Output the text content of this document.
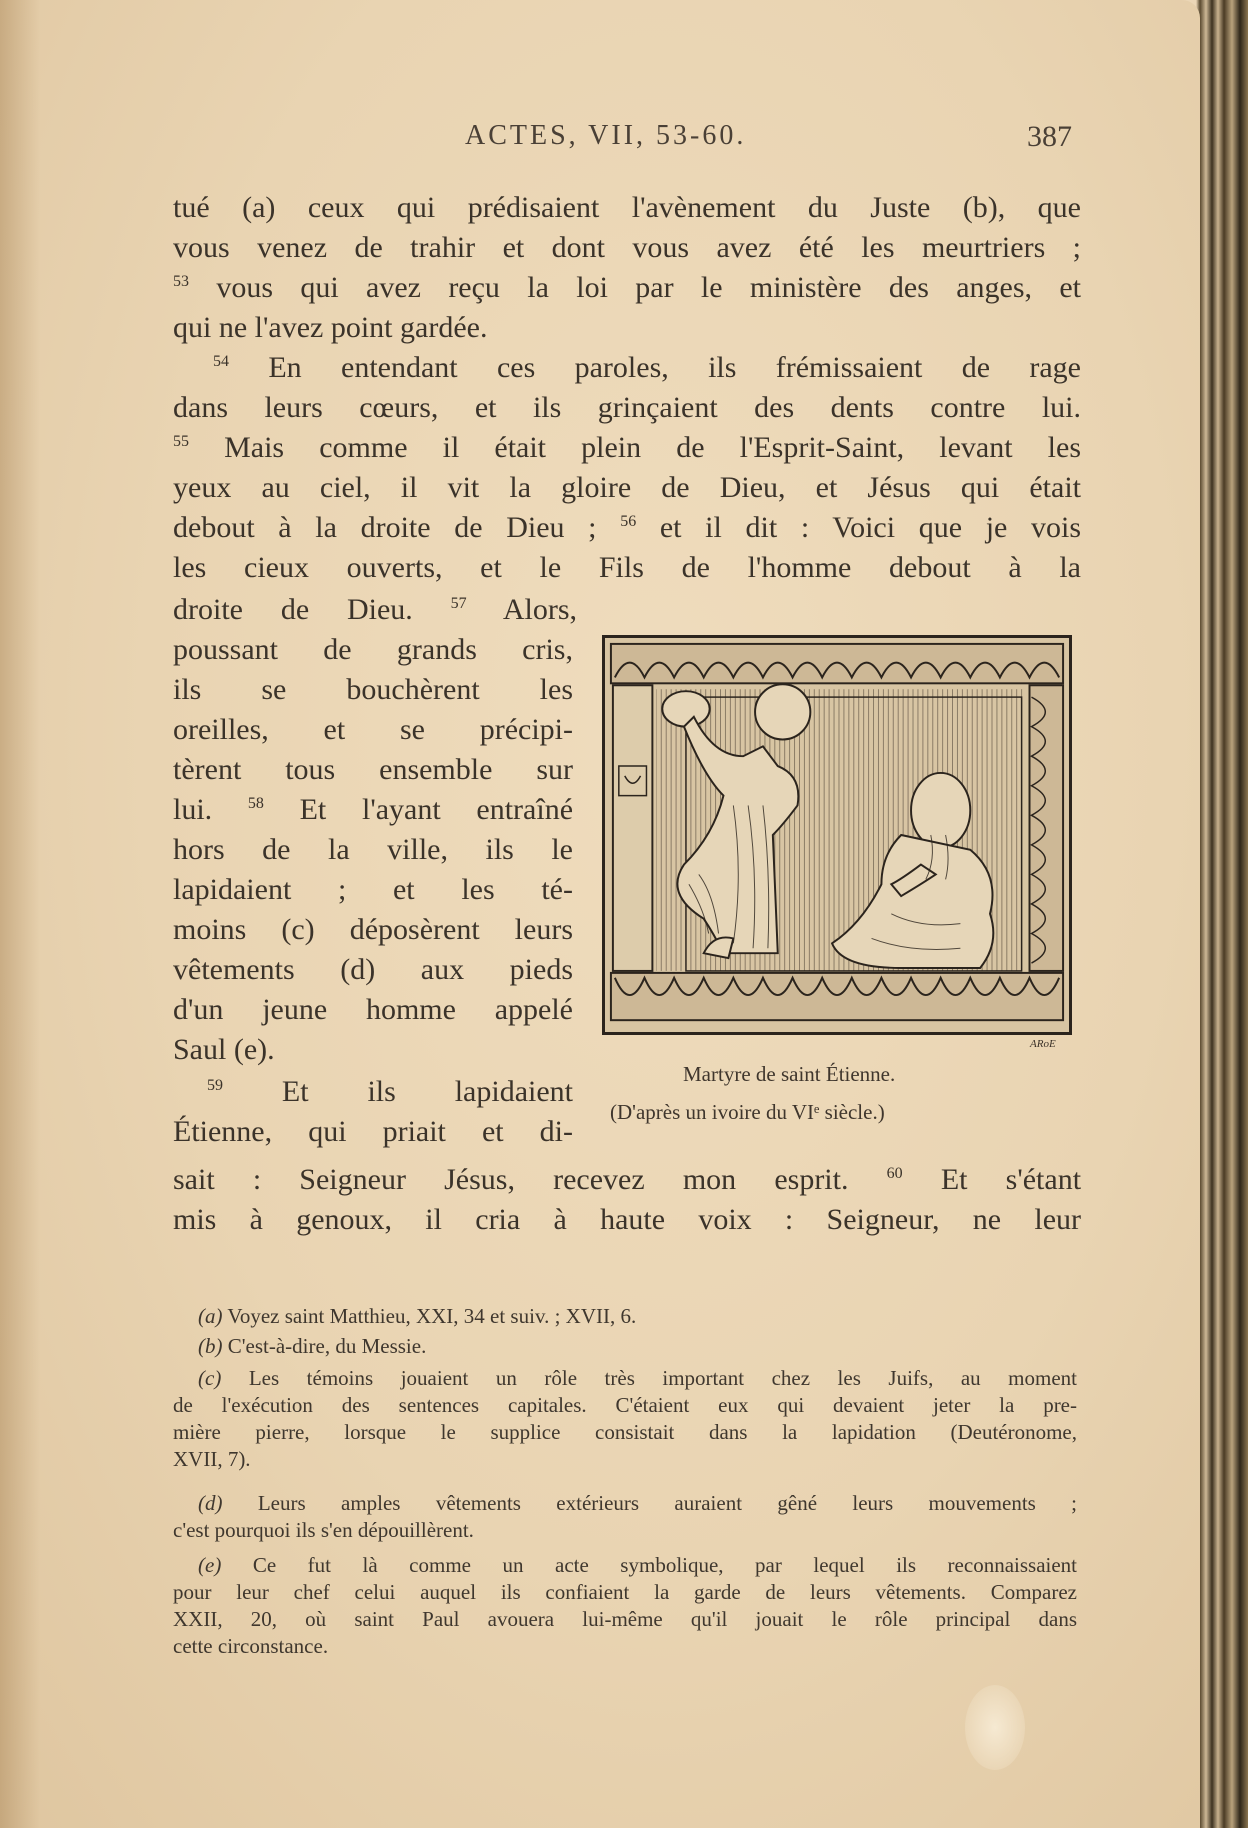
ACTES, VII, 53-60.	387
tué (a) ceux qui prédisaient l'avènement du Juste (b), que
vous venez de trahir et dont vous avez été les meurtriers ;
$^{53}$ vous qui avez reçu la loi par le ministère des anges, et
qui ne l'avez point gardée.
$^{54}$ En entendant ces paroles, ils frémissaient de rage
dans leurs cœurs, et ils grinçaient des dents contre lui.
$^{55}$ Mais comme il était plein de l'Esprit-Saint, levant les
yeux au ciel, il vit la gloire de Dieu, et Jésus qui était
debout à la droite de Dieu ; $^{56}$ et il dit : Voici que je vois
les cieux ouverts, et le Fils de l'homme debout à la
droite de Dieu. $^{57}$ Alors,
poussant de grands cris,
ils se bouchèrent les
oreilles, et se précipi-
tèrent tous ensemble sur
lui. $^{58}$ Et l'ayant entraîné
hors de la ville, ils le
lapidaient ; et les té-
moins (c) déposèrent leurs
vêtements (d) aux pieds
d'un jeune homme appelé
Saul (e).
$^{59}$ Et ils lapidaient
Étienne, qui priait et di-
ARoE
Martyre de saint Étienne.
(D'après un ivoire du VIᵉ siècle.)
sait : Seigneur Jésus, recevez mon esprit. $^{60}$ Et s'étant
mis à genoux, il cria à haute voix : Seigneur, ne leur
(a) Voyez saint Matthieu, XXI, 34 et suiv. ; XVII, 6.
(b) C'est-à-dire, du Messie.
(c) Les témoins jouaient un rôle très important chez les Juifs, au moment
de l'exécution des sentences capitales. C'étaient eux qui devaient jeter la pre-
mière pierre, lorsque le supplice consistait dans la lapidation (Deutéronome,
XVII, 7).
(d) Leurs amples vêtements extérieurs auraient gêné leurs mouvements ;
c'est pourquoi ils s'en dépouillèrent.
(e) Ce fut là comme un acte symbolique, par lequel ils reconnaissaient
pour leur chef celui auquel ils confiaient la garde de leurs vêtements. Comparez
XXII, 20, où saint Paul avouera lui-même qu'il jouait le rôle principal dans
cette circonstance.
